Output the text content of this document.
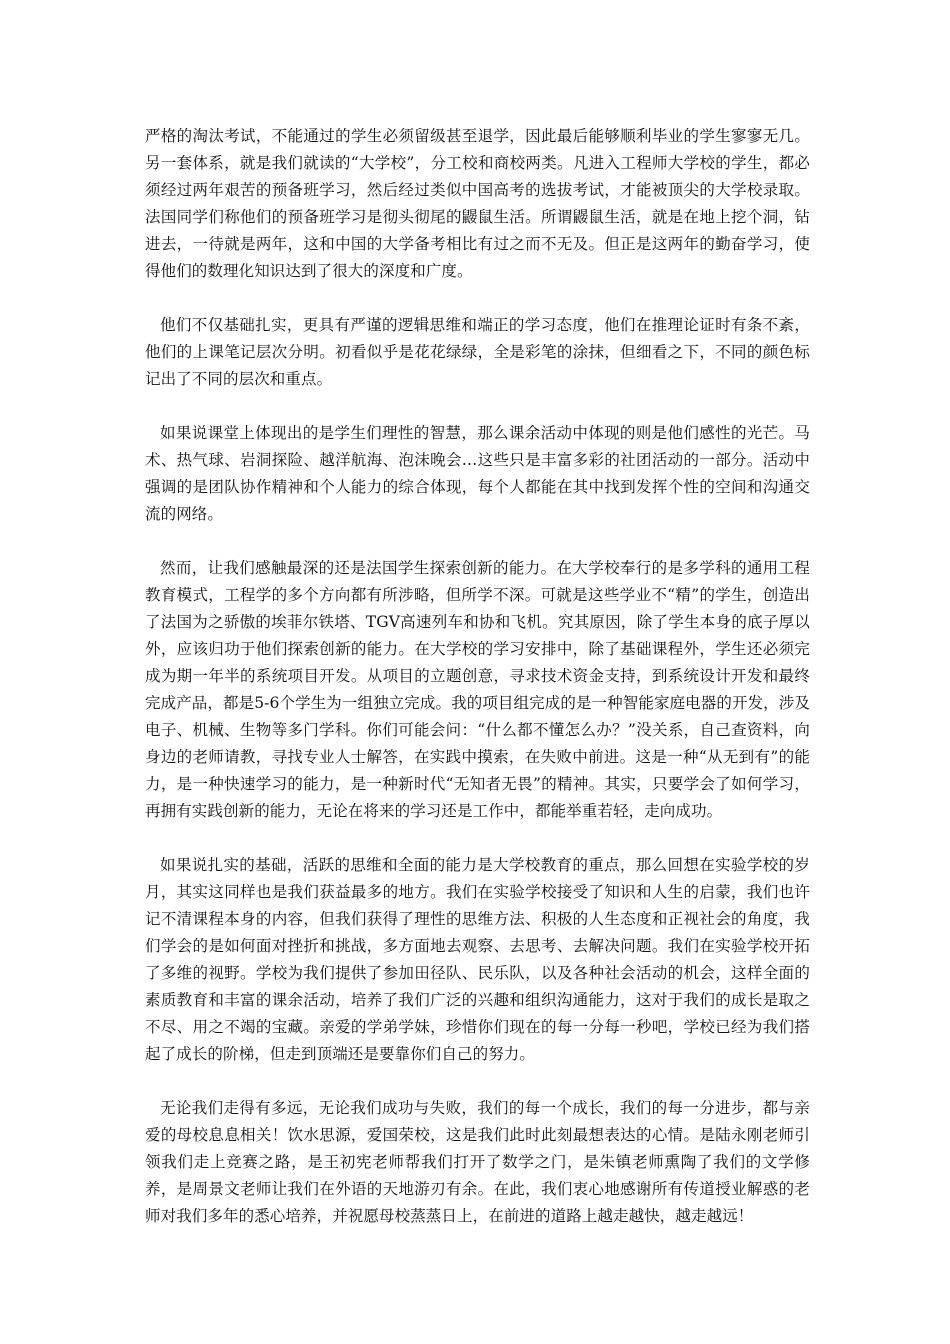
严格的淘汰考试，不能通过的学生必须留级甚至退学，因此最后能够顺利毕业的学生寥寥无几。另一套体系，就是我们就读的“大学校”，分工校和商校两类。凡进入工程师大学校的学生，都必须经过两年艰苦的预备班学习，然后经过类似中国高考的选拔考试，才能被顶尖的大学校录取。法国同学们称他们的预备班学习是彻头彻尾的鼹鼠生活。所谓鼹鼠生活，就是在地上挖个洞，钻进去，一待就是两年，这和中国的大学备考相比有过之而不无及。但正是这两年的勤奋学习，使得他们的数理化知识达到了很大的深度和广度。

他们不仅基础扎实，更具有严谨的逻辑思维和端正的学习态度，他们在推理论证时有条不紊，他们的上课笔记层次分明。初看似乎是花花绿绿，全是彩笔的涂抹，但细看之下，不同的颜色标记出了不同的层次和重点。

如果说课堂上体现出的是学生们理性的智慧，那么课余活动中体现的则是他们感性的光芒。马术、热气球、岩洞探险、越洋航海、泡沫晚会…这些只是丰富多彩的社团活动的一部分。活动中强调的是团队协作精神和个人能力的综合体现，每个人都能在其中找到发挥个性的空间和沟通交流的网络。

然而，让我们感触最深的还是法国学生探索创新的能力。在大学校奉行的是多学科的通用工程教育模式，工程学的多个方向都有所涉略，但所学不深。可就是这些学业不“精”的学生，创造出了法国为之骄傲的埃菲尔铁塔、TGV高速列车和协和飞机。究其原因，除了学生本身的底子厚以外，应该归功于他们探索创新的能力。在大学校的学习安排中，除了基础课程外，学生还必须完成为期一年半的系统项目开发。从项目的立题创意，寻求技术资金支持，到系统设计开发和最终完成产品，都是5-6个学生为一组独立完成。我的项目组完成的是一种智能家庭电器的开发，涉及电子、机械、生物等多门学科。你们可能会问：“什么都不懂怎么办？”没关系，自己查资料，向身边的老师请教，寻找专业人士解答，在实践中摸索，在失败中前进。这是一种“从无到有”的能力，是一种快速学习的能力，是一种新时代“无知者无畏”的精神。其实，只要学会了如何学习，再拥有实践创新的能力，无论在将来的学习还是工作中，都能举重若轻，走向成功。

如果说扎实的基础，活跃的思维和全面的能力是大学校教育的重点，那么回想在实验学校的岁月，其实这同样也是我们获益最多的地方。我们在实验学校接受了知识和人生的启蒙，我们也许记不清课程本身的内容，但我们获得了理性的思维方法、积极的人生态度和正视社会的角度，我们学会的是如何面对挫折和挑战，多方面地去观察、去思考、去解决问题。我们在实验学校开拓了多维的视野。学校为我们提供了参加田径队、民乐队，以及各种社会活动的机会，这样全面的素质教育和丰富的课余活动，培养了我们广泛的兴趣和组织沟通能力，这对于我们的成长是取之不尽、用之不竭的宝藏。亲爱的学弟学妹，珍惜你们现在的每一分每一秒吧，学校已经为我们搭起了成长的阶梯，但走到顶端还是要靠你们自己的努力。

无论我们走得有多远，无论我们成功与失败，我们的每一个成长，我们的每一分进步，都与亲爱的母校息息相关！饮水思源，爱国荣校，这是我们此时此刻最想表达的心情。是陆永刚老师引领我们走上竞赛之路，是王初宪老师帮我们打开了数学之门，是朱镇老师熏陶了我们的文学修养，是周景文老师让我们在外语的天地游刃有余。在此，我们衷心地感谢所有传道授业解惑的老师对我们多年的悉心培养，并祝愿母校蒸蒸日上，在前进的道路上越走越快，越走越远！
